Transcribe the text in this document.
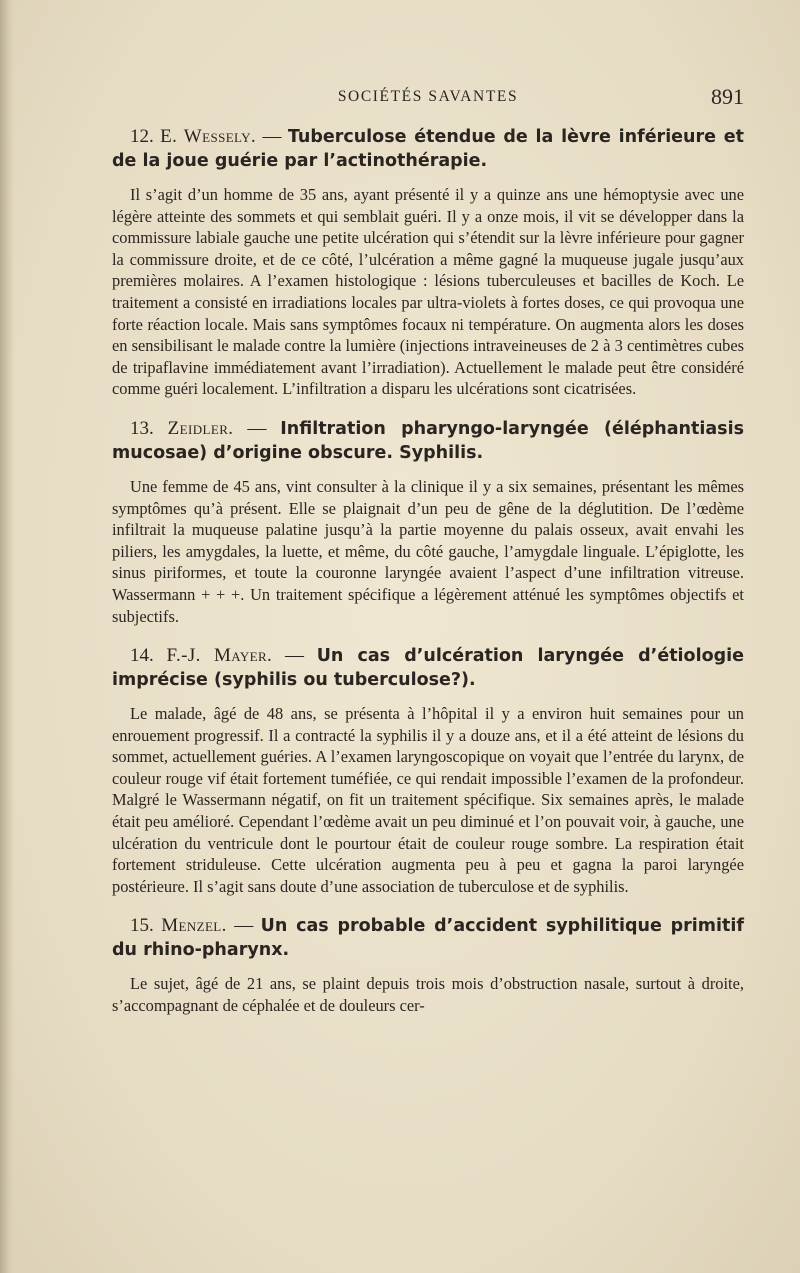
SOCIÉTÉS SAVANTES	891

12. E. Wessely. — Tuberculose étendue de la lèvre inférieure et de la joue guérie par l’actinothérapie.

Il s’agit d’un homme de 35 ans, ayant présenté il y a quinze ans une hémoptysie avec une légère atteinte des sommets et qui semblait guéri. Il y a onze mois, il vit se développer dans la commissure labiale gauche une petite ulcération qui s’étendit sur la lèvre inférieure pour gagner la commissure droite, et de ce côté, l’ulcération a même gagné la muqueuse jugale jusqu’aux premières molaires. A l’examen histologique : lésions tuberculeuses et bacilles de Koch. Le traitement a consisté en irradiations locales par ultra-violets à fortes doses, ce qui provoqua une forte réaction locale. Mais sans symptômes focaux ni température. On augmenta alors les doses en sensibilisant le malade contre la lumière (injections intraveineuses de 2 à 3 centimètres cubes de tripaflavine immédiatement avant l’irradiation). Actuellement le malade peut être considéré comme guéri localement. L’infiltration a disparu les ulcérations sont cicatrisées.

13. Zeidler. — Infiltration pharyngo-laryngée (éléphantiasis mucosae) d’origine obscure. Syphilis.

Une femme de 45 ans, vint consulter à la clinique il y a six semaines, présentant les mêmes symptômes qu’à présent. Elle se plaignait d’un peu de gêne de la déglutition. De l’œdème infiltrait la muqueuse palatine jusqu’à la partie moyenne du palais osseux, avait envahi les piliers, les amygdales, la luette, et même, du côté gauche, l’amygdale linguale. L’épiglotte, les sinus piriformes, et toute la couronne laryngée avaient l’aspect d’une infiltration vitreuse. Wassermann + + +. Un traitement spécifique a légèrement atténué les symptômes objectifs et subjectifs.

14. F.-J. Mayer. — Un cas d’ulcération laryngée d’étiologie imprécise (syphilis ou tuberculose?).

Le malade, âgé de 48 ans, se présenta à l’hôpital il y a environ huit semaines pour un enrouement progressif. Il a contracté la syphilis il y a douze ans, et il a été atteint de lésions du sommet, actuellement guéries. A l’examen laryngoscopique on voyait que l’entrée du larynx, de couleur rouge vif était fortement tuméfiée, ce qui rendait impossible l’examen de la profondeur. Malgré le Wassermann négatif, on fit un traitement spécifique. Six semaines après, le malade était peu amélioré. Cependant l’œdème avait un peu diminué et l’on pouvait voir, à gauche, une ulcération du ventricule dont le pourtour était de couleur rouge sombre. La respiration était fortement striduleuse. Cette ulcération augmenta peu à peu et gagna la paroi laryngée postérieure. Il s’agit sans doute d’une association de tuberculose et de syphilis.

15. Menzel. — Un cas probable d’accident syphilitique primitif du rhino-pharynx.

Le sujet, âgé de 21 ans, se plaint depuis trois mois d’obstruction nasale, surtout à droite, s’accompagnant de céphalée et de douleurs cer-
